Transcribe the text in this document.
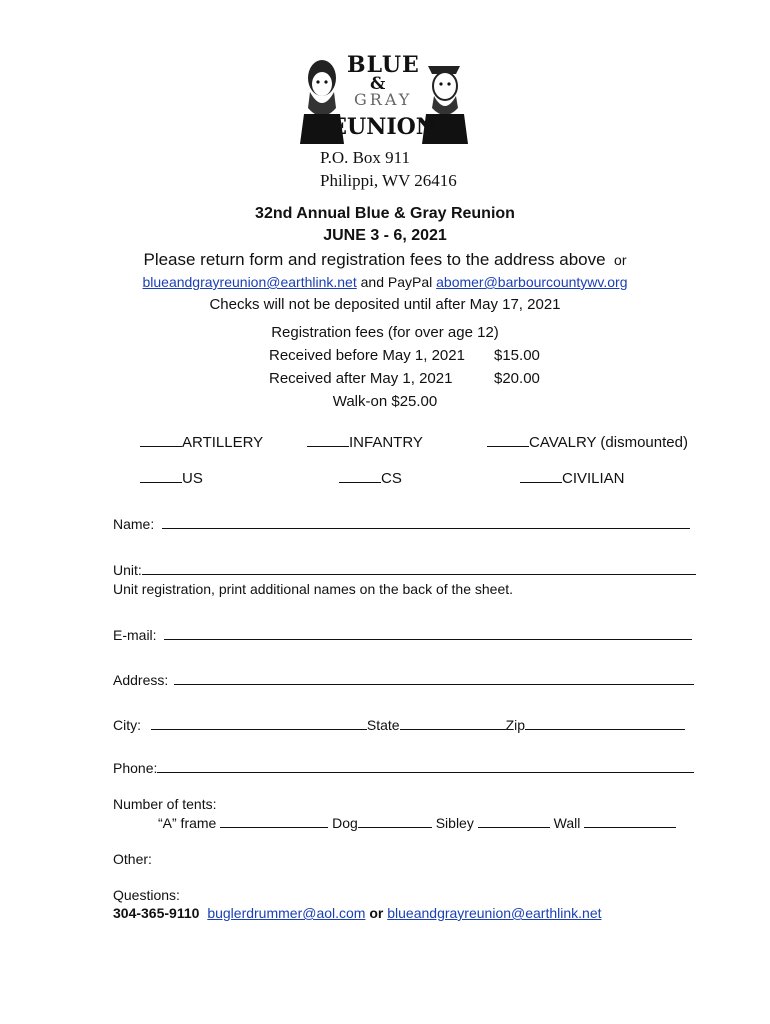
BLUE
&
GRAY
REUNION
P.O. Box 911
Philippi, WV 26416
32nd Annual Blue & Gray Reunion
JUNE 3 - 6, 2021
Please return form and registration fees to the address above or
blueandgrayreunion@earthlink.net and PayPal abomer@barbourcountywv.org
Checks will not be deposited until after May 17, 2021
Registration fees (for over age 12)
Received before May 1, 2021 $15.00
Received after May 1, 2021	$20.00
Walk-on $25.00
ARTILLERY	INFANTRY	CAVALRY (dismounted)
US	CS	CIVILIAN
Name:
Unit:
Unit registration, print additional names on the back of the sheet.
E-mail:
Address:
City:	State	Zip
Phone:
Number of tents:
“A” frame	Dog	Sibley	Wall
Other:
Questions:
304-365-9110 buglerdrummer@aol.com or blueandgrayreunion@earthlink.net
